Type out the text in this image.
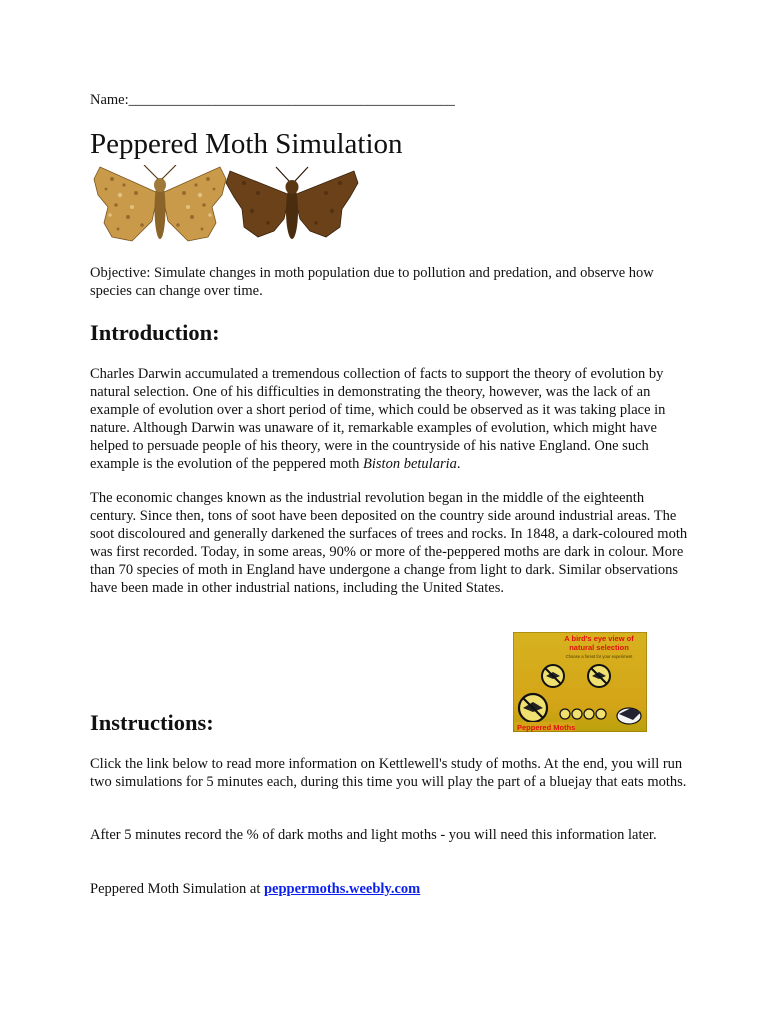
Name:_____________________________________________
Peppered Moth Simulation

Objective: Simulate changes in moth population due to pollution and predation, and observe how species can change over time.

Introduction:

Charles Darwin accumulated a tremendous collection of facts to support the theory of evolution by natural selection. One of his difficulties in demonstrating the theory, however, was the lack of an example of evolution over a short period of time, which could be observed as it was taking place in nature. Although Darwin was unaware of it, remarkable examples of evolution, which might have helped to persuade people of his theory, were in the countryside of his native England. One such example is the evolution of the peppered moth Biston betularia.

The economic changes known as the industrial revolution began in the middle of the eighteenth century. Since then, tons of soot have been deposited on the country side around industrial areas. The soot discoloured and generally darkened the surfaces of trees and rocks. In 1848, a dark-coloured moth was first recorded. Today, in some areas, 90% or more of the-peppered moths are dark in colour. More than 70 species of moth in England have undergone a change from light to dark. Similar observations have been made in other industrial nations, including the United States.

A bird's eye view of
natural selection
Choose a forest for your experiment
Peppered Moths
Instructions:

Click the link below to read more information on Kettlewell's study of moths. At the end, you will run two simulations for 5 minutes each, during this time you will play the part of a bluejay that eats moths.

After 5 minutes record the % of dark moths and light moths - you will need this information later.

Peppered Moth Simulation at peppermoths.weebly.com
